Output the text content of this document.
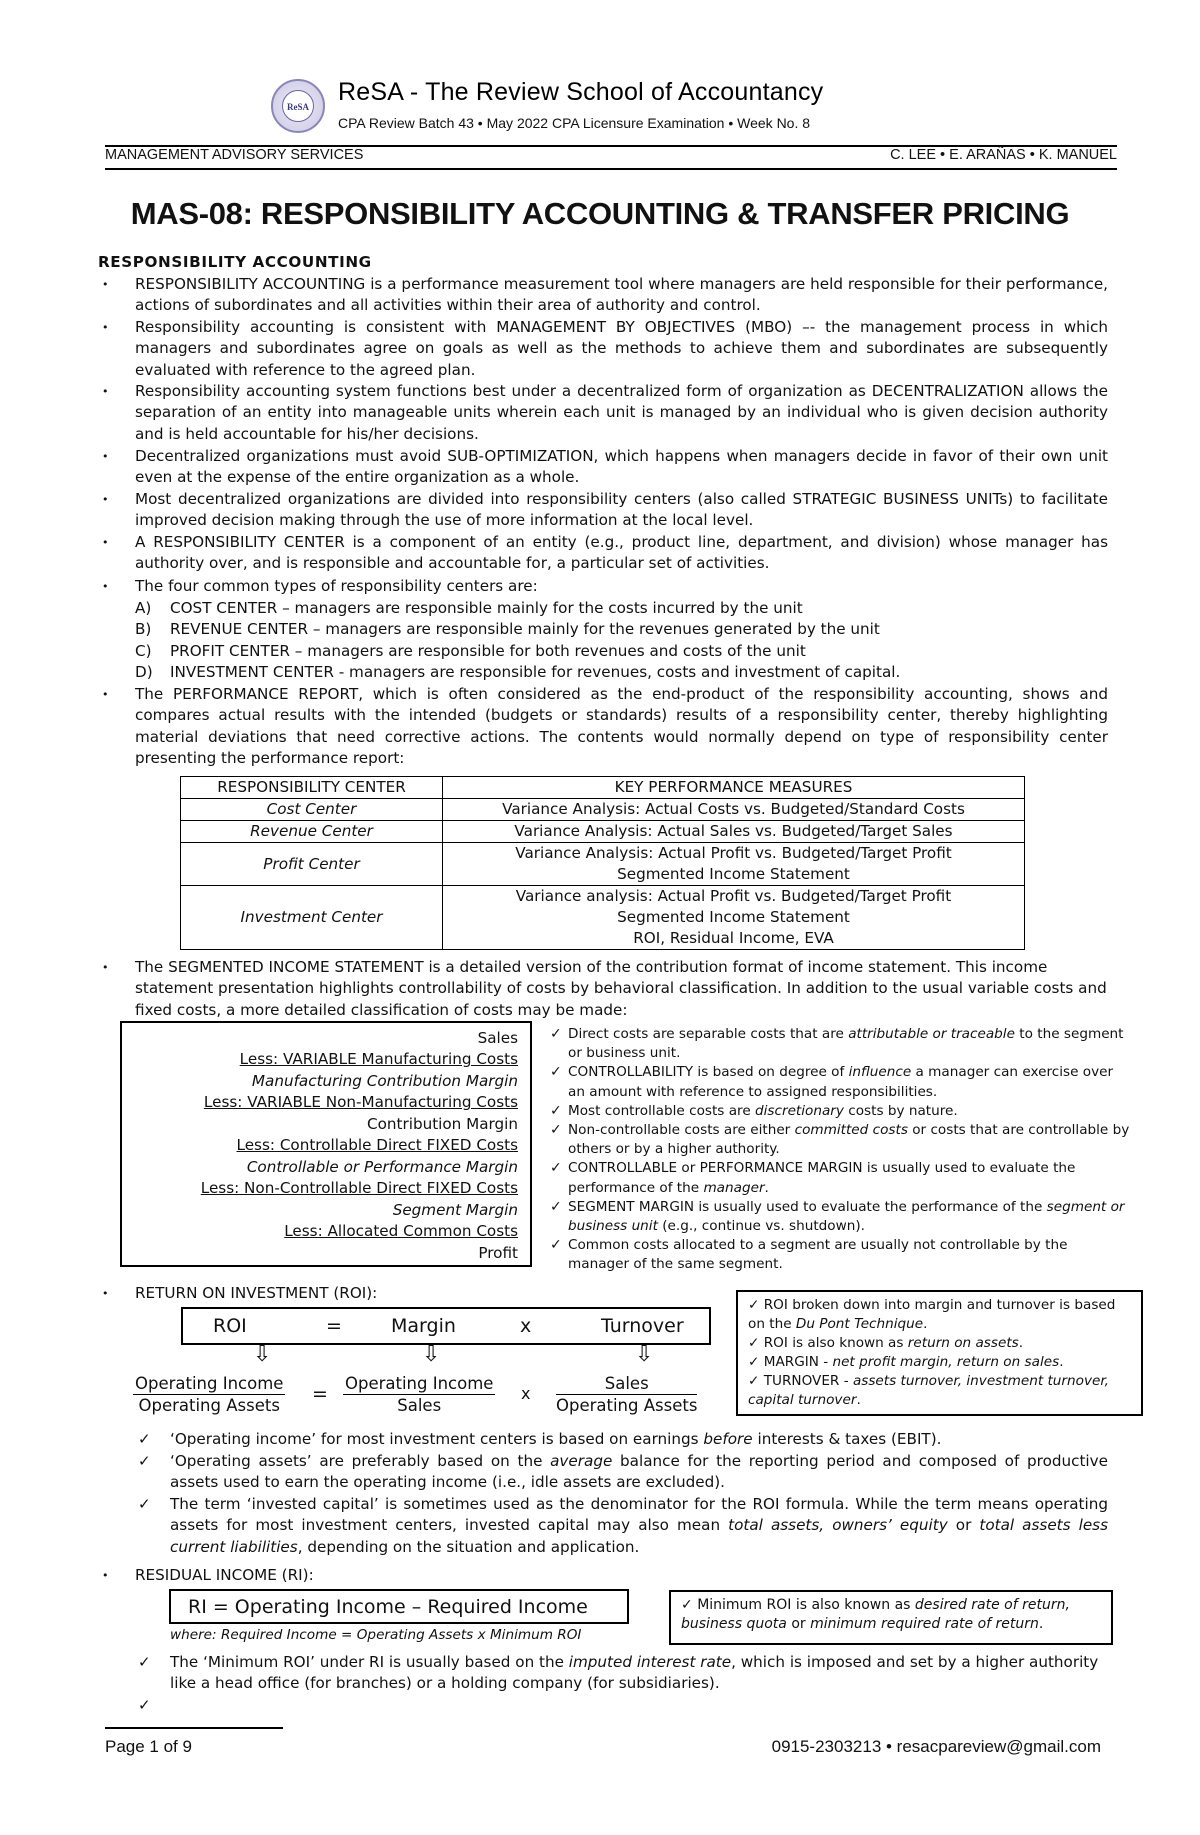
ReSA
ReSA - The Review School of Accountancy
CPA Review Batch 43 • May 2022 CPA Licensure Examination • Week No. 8
MANAGEMENT ADVISORY SERVICES	C. LEE • E. ARAÑAS • K. MANUEL
MAS-08: RESPONSIBILITY ACCOUNTING & TRANSFER PRICING
RESPONSIBILITY ACCOUNTING
• RESPONSIBILITY ACCOUNTING is a performance measurement tool where managers are held responsible for their performance, actions of subordinates and all activities within their area of authority and control.
• Responsibility accounting is consistent with MANAGEMENT BY OBJECTIVES (MBO) –- the management process in which managers and subordinates agree on goals as well as the methods to achieve them and subordinates are subsequently evaluated with reference to the agreed plan.
• Responsibility accounting system functions best under a decentralized form of organization as DECENTRALIZATION allows the separation of an entity into manageable units wherein each unit is managed by an individual who is given decision authority and is held accountable for his/her decisions.
• Decentralized organizations must avoid SUB-OPTIMIZATION, which happens when managers decide in favor of their own unit even at the expense of the entire organization as a whole.
• Most decentralized organizations are divided into responsibility centers (also called STRATEGIC BUSINESS UNITs) to facilitate improved decision making through the use of more information at the local level.
• A RESPONSIBILITY CENTER is a component of an entity (e.g., product line, department, and division) whose manager has authority over, and is responsible and accountable for, a particular set of activities.
• The four common types of responsibility centers are:
A) COST CENTER – managers are responsible mainly for the costs incurred by the unit
B) REVENUE CENTER – managers are responsible mainly for the revenues generated by the unit
C) PROFIT CENTER – managers are responsible for both revenues and costs of the unit
D) INVESTMENT CENTER - managers are responsible for revenues, costs and investment of capital.
• The PERFORMANCE REPORT, which is often considered as the end-product of the responsibility accounting, shows and compares actual results with the intended (budgets or standards) results of a responsibility center, thereby highlighting material deviations that need corrective actions. The contents would normally depend on type of responsibility center presenting the performance report:
RESPONSIBILITY CENTER	KEY PERFORMANCE MEASURES
Cost Center	Variance Analysis: Actual Costs vs. Budgeted/Standard Costs
Revenue Center	Variance Analysis: Actual Sales vs. Budgeted/Target Sales
Profit Center	Variance Analysis: Actual Profit vs. Budgeted/Target Profit
Segmented Income Statement

Investment Center	Variance analysis: Actual Profit vs. Budgeted/Target Profit
Segmented Income Statement
ROI, Residual Income, EVA
• The SEGMENTED INCOME STATEMENT is a detailed version of the contribution format of income statement. This income statement presentation highlights controllability of costs by behavioral classification. In addition to the usual variable costs and fixed costs, a more detailed classification of costs may be made:
Sales
Less: VARIABLE Manufacturing Costs
Manufacturing Contribution Margin
Less: VARIABLE Non-Manufacturing Costs
Contribution Margin
Less: Controllable Direct FIXED Costs
Controllable or Performance Margin
Less: Non-Controllable Direct FIXED Costs
Segment Margin
Less: Allocated Common Costs
Profit
✓ Direct costs are separable costs that are attributable or traceable to the segment or business unit.
✓ CONTROLLABILITY is based on degree of influence a manager can exercise over an amount with reference to assigned responsibilities.
✓ Most controllable costs are discretionary costs by nature.
✓ Non-controllable costs are either committed costs or costs that are controllable by others or by a higher authority.
✓ CONTROLLABLE or PERFORMANCE MARGIN is usually used to evaluate the performance of the manager.
✓ SEGMENT MARGIN is usually used to evaluate the performance of the segment or business unit (e.g., continue vs. shutdown).
✓ Common costs allocated to a segment are usually not controllable by the manager of the same segment.
• RETURN ON INVESTMENT (ROI):
ROI	=	Margin	x	Turnover
⇩	⇩	⇩
Operating Income
Operating Assets
= Operating Income
Sales
x
Sales
Operating Assets
✓ ROI broken down into margin and turnover is based on the Du Pont Technique.
✓ ROI is also known as return on assets.
✓ MARGIN - net profit margin, return on sales.
✓ TURNOVER - assets turnover, investment turnover, capital turnover.
✓ ‘Operating income’ for most investment centers is based on earnings before interests & taxes (EBIT).
✓ ‘Operating assets’ are preferably based on the average balance for the reporting period and composed of productive assets used to earn the operating income (i.e., idle assets are excluded).
✓ The term ‘invested capital’ is sometimes used as the denominator for the ROI formula. While the term means operating assets for most investment centers, invested capital may also mean total assets, owners’ equity or total assets less current liabilities, depending on the situation and application.
• RESIDUAL INCOME (RI):
RI = Operating Income – Required Income
where: Required Income = Operating Assets x Minimum ROI
✓ Minimum ROI is also known as desired rate of return, business quota or minimum required rate of return.
✓ The ‘Minimum ROI’ under RI is usually based on the imputed interest rate, which is imposed and set by a higher authority like a head office (for branches) or a holding company (for subsidiaries).
✓
Page 1 of 9	0915-2303213 • resacpareview@gmail.com
